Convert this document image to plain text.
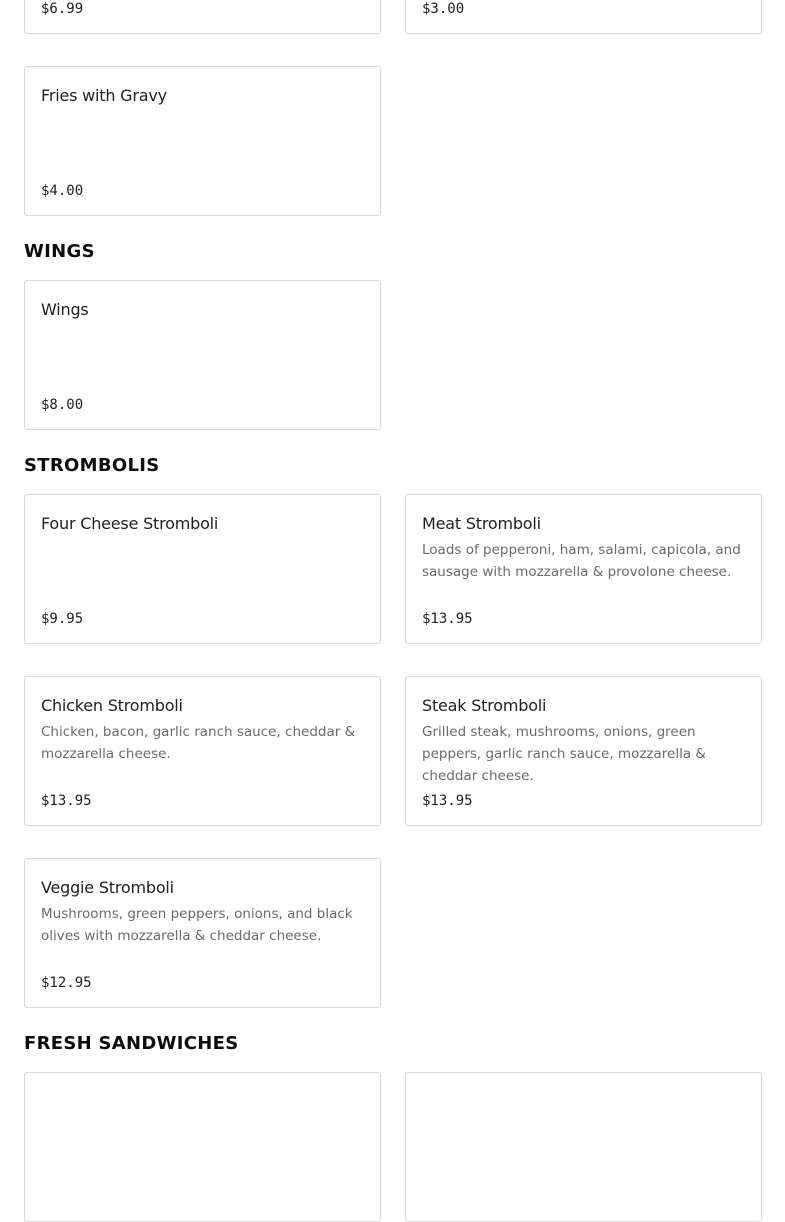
$6.99	$3.00
Fries with Gravy
$4.00
WINGS
Wings
$8.00
STROMBOLIS
Four Cheese Stromboli
$9.95
Meat Stromboli
Loads of pepperoni, ham, salami, capicola, and sausage with mozzarella & provolone cheese.
$13.95
Chicken Stromboli
Chicken, bacon, garlic ranch sauce, cheddar & mozzarella cheese.
$13.95
Steak Stromboli
Grilled steak, mushrooms, onions, green peppers, garlic ranch sauce, mozzarella & cheddar cheese.
$13.95
Veggie Stromboli
Mushrooms, green peppers, onions, and black olives with mozzarella & cheddar cheese.
$12.95
FRESH SANDWICHES
